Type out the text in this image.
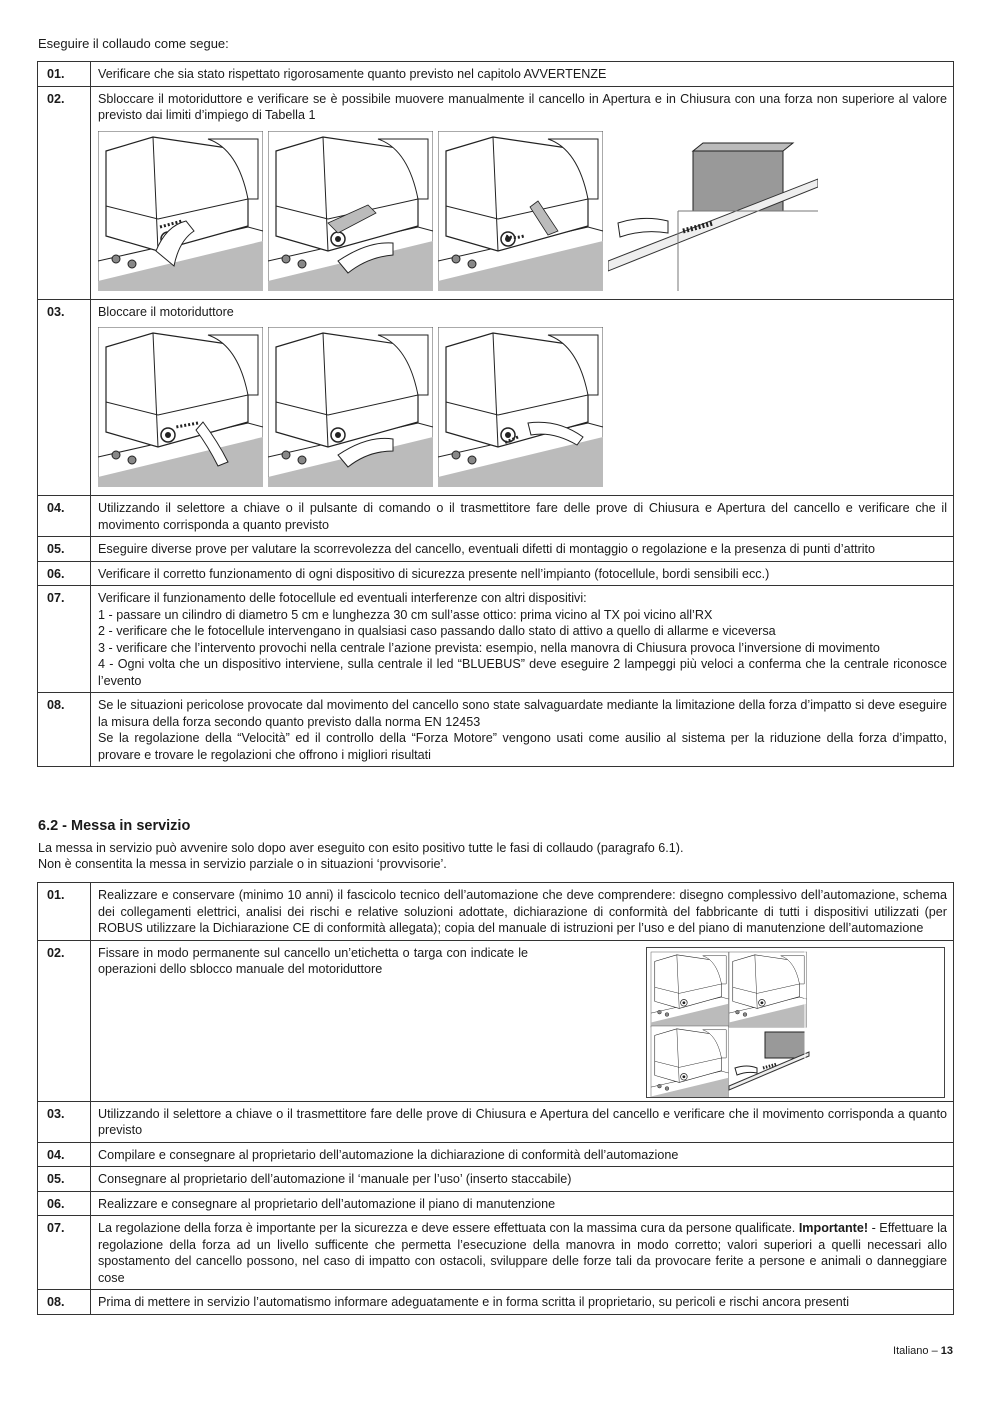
Eseguire il collaudo come segue:
01.	Verificare che sia stato rispettato rigorosamente quanto previsto nel capitolo AVVERTENZE
02.	Sbloccare il motoriduttore e verificare se è possibile muovere manualmente il cancello in Apertura e in Chiusura con una forza non superiore al valore previsto dai limiti d’impiego di Tabella 1

03.	Bloccare il motoriduttore

04.	Utilizzando il selettore a chiave o il pulsante di comando o il trasmettitore fare delle prove di Chiusura e Apertura del cancello e verificare che il movimento corrisponda a quanto previsto
05.	Eseguire diverse prove per valutare la scorrevolezza del cancello, eventuali difetti di montaggio o regolazione e la presenza di punti d’attrito
06.	Verificare il corretto funzionamento di ogni dispositivo di sicurezza presente nell’impianto (fotocellule, bordi sensibili ecc.)
07.	Verificare il funzionamento delle fotocellule ed eventuali interferenze con altri dispositivi:
1 - passare un cilindro di diametro 5 cm e lunghezza 30 cm sull’asse ottico: prima vicino al TX poi vicino all’RX
2 - verificare che le fotocellule intervengano in qualsiasi caso passando dallo stato di attivo a quello di allarme e viceversa
3 - verificare che l’intervento provochi nella centrale l’azione prevista: esempio, nella manovra di Chiusura provoca l’inversione di movimento
4 - Ogni volta che un dispositivo interviene, sulla centrale il led “BLUEBUS” deve eseguire 2 lampeggi più veloci a conferma che la centrale riconosce l’evento

08.	Se le situazioni pericolose provocate dal movimento del cancello sono state salvaguardate mediante la limitazione della forza d’impatto si deve eseguire la misura della forza secondo quanto previsto dalla norma EN 12453
Se la regolazione della “Velocità” ed il controllo della “Forza Motore” vengono usati come ausilio al sistema per la riduzione della forza d’impatto, provare e trovare le regolazioni che offrono i migliori risultati
6.2 - Messa in servizio

La messa in servizio può avvenire solo dopo aver eseguito con esito positivo tutte le fasi di collaudo (paragrafo 6.1).
Non è consentita la messa in servizio parziale o in situazioni ‘provvisorie’.

01.	Realizzare e conservare (minimo 10 anni) il fascicolo tecnico dell’automazione che deve comprendere: disegno complessivo dell’automazione, schema dei collegamenti elettrici, analisi dei rischi e relative soluzioni adottate, dichiarazione di conformità del fabbricante di tutti i dispositivi utilizzati (per ROBUS utilizzare la Dichiarazione CE di conformità allegata); copia del manuale di istruzioni per l’uso e del piano di manutenzione dell’automazione
02.	Fissare in modo permanente sul cancello un’etichetta o targa con indicate le operazioni dello sblocco manuale del motoriduttore

03.	Utilizzando il selettore a chiave o il trasmettitore fare delle prove di Chiusura e Apertura del cancello e verificare che il movimento corrisponda a quanto previsto
04.	Compilare e consegnare al proprietario dell’automazione la dichiarazione di conformità dell’automazione
05.	Consegnare al proprietario dell’automazione il ‘manuale per l’uso’ (inserto staccabile)
06.	Realizzare e consegnare al proprietario dell’automazione il piano di manutenzione
07.	La regolazione della forza è importante per la sicurezza e deve essere effettuata con la massima cura da persone qualificate. Importante! - Effettuare la regolazione della forza ad un livello sufficente che permetta l’esecuzione della manovra in modo corretto; valori superiori a quelli necessari allo spostamento del cancello possono, nel caso di impatto con ostacoli, sviluppare delle forze tali da provocare ferite a persone e animali o danneggiare cose
08.	Prima di mettere in servizio l’automatismo informare adeguatamente e in forma scritta il proprietario, su pericoli e rischi ancora presenti
Italiano – 13
